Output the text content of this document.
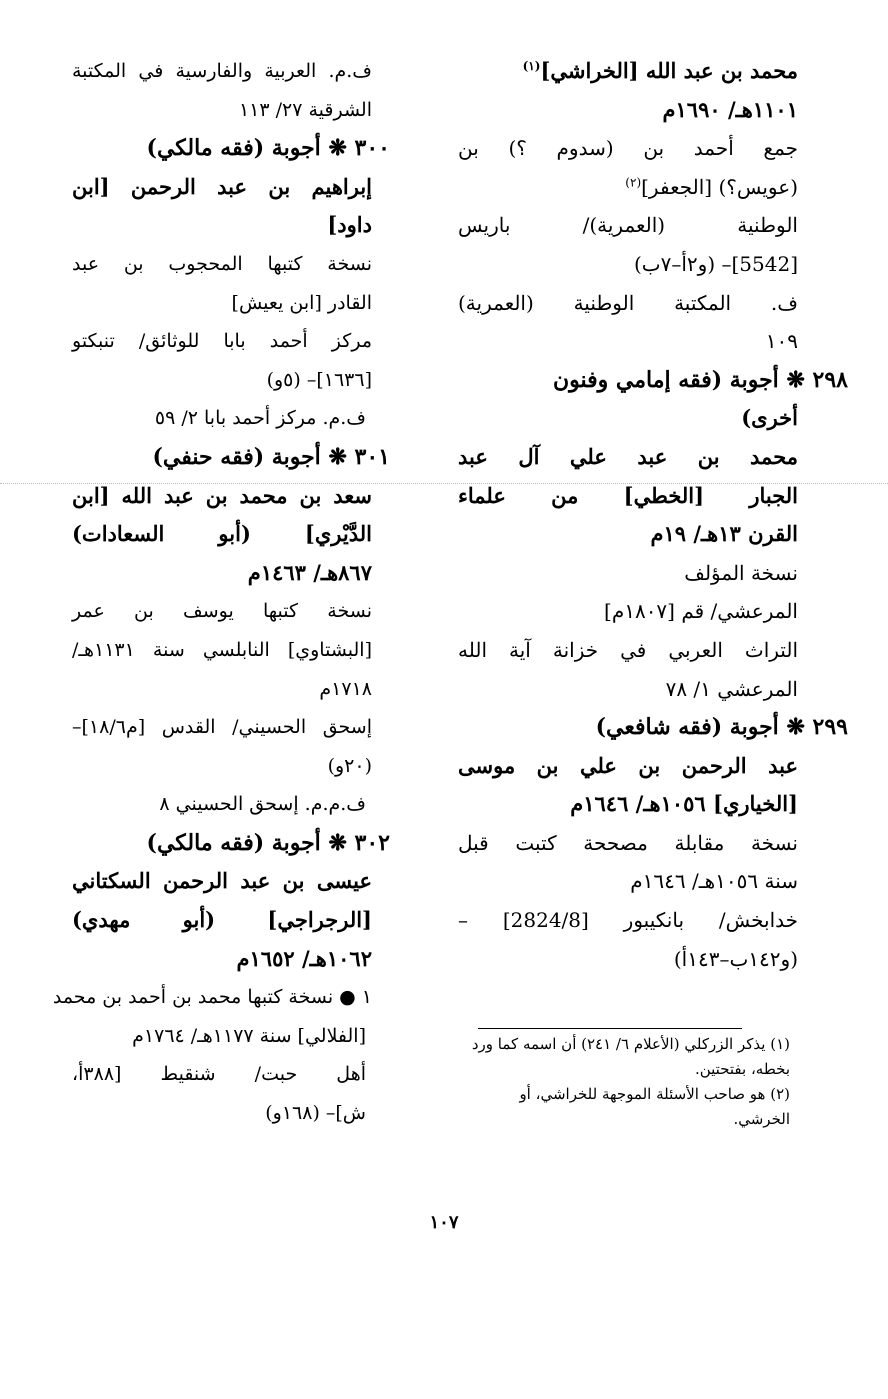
محمد بن عبد الله [الخراشي]$^{(١)}$
١١٠١هـ/ ١٦٩٠م
جمع أحمد بن (سدوم ؟) بن
(عويس؟) [الجعفر]$^{(٢)}$
الوطنية (العمرية)/ باريس
[5542]– (و٢أ–٧ب)
ف. المكتبة الوطنية (العمرية)
١٠٩
٢٩٨ ❋ أجوبة (فقه إمامي وفنون
أخرى)
محمد بن عبد علي آل عبد
الجبار [الخطي] من علماء
القرن ١٣هـ/ ١٩م
نسخة المؤلف
المرعشي/ قم [١٨٠٧م]
التراث العربي في خزانة آية الله
المرعشي ١/ ٧٨
٢٩٩ ❋ أجوبة (فقه شافعي)
عبد الرحمن بن علي بن موسى
[الخياري] ١٠٥٦هـ/ ١٦٤٦م
نسخة مقابلة مصححة كتبت قبل
سنة ١٠٥٦هـ/ ١٦٤٦م
خدابخش/ بانكيبور [2824/8] –
(و١٤٢ب–١٤٣أ)
ف.م. العربية والفارسية في المكتبة
الشرقية ٢٧/ ١١٣
٣٠٠ ❋ أجوبة (فقه مالكي)
إبراهيم بن عبد الرحمن [ابن
داود]
نسخة كتبها المحجوب بن عبد
القادر [ابن يعيش]
مركز أحمد بابا للوثائق/ تنبكتو
[١٦٣٦]– (٥و)
ف.م. مركز أحمد بابا ٢/ ٥٩
٣٠١ ❋ أجوبة (فقه حنفي)
سعد بن محمد بن عبد الله [ابن
الدَّيْري] (أبو السعادات)
٨٦٧هـ/ ١٤٦٣م
نسخة كتبها يوسف بن عمر
[البشتاوي] النابلسي سنة ١١٣١هـ/
١٧١٨م
إسحق الحسيني/ القدس [م١٨/٦]–
(٢٠و)
ف.م.م. إسحق الحسيني ٨
٣٠٢ ❋ أجوبة (فقه مالكي)
عيسى بن عبد الرحمن السكتاني
[الرجراجي] (أبو مهدي)
١٠٦٢هـ/ ١٦٥٢م
١ ● نسخة كتبها محمد بن أحمد بن محمد
[الفلالي] سنة ١١٧٧هـ/ ١٧٦٤م
أهل حبت/ شنقيط [٣٨٨أ،
ش]– (١٦٨و)

(١) يذكر الزركلي (الأعلام ٦/ ٢٤١) أن اسمه كما ورد بخطه، بفتحتين.

(٢) هو صاحب الأسئلة الموجهة للخراشي، أو الخرشي.

١٠٧
